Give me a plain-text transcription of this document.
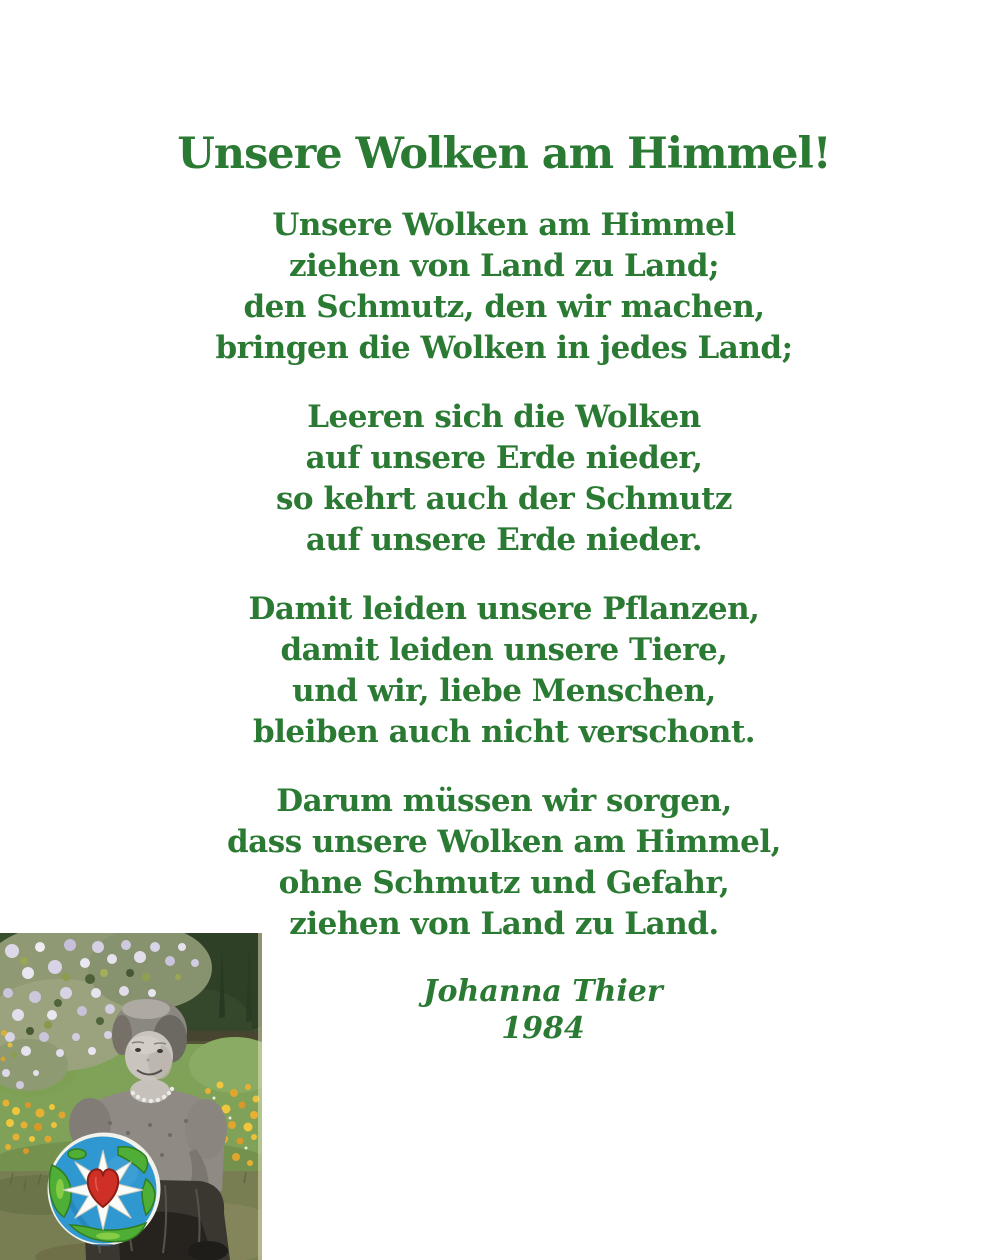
Unsere Wolken am Himmel!
Unsere Wolken am Himmel
ziehen von Land zu Land;
den Schmutz, den wir machen,
bringen die Wolken in jedes Land;
Leeren sich die Wolken
auf unsere Erde nieder,
so kehrt auch der Schmutz
auf unsere Erde nieder.
Damit leiden unsere Pflanzen,
damit leiden unsere Tiere,
und wir, liebe Menschen,
bleiben auch nicht verschont.
Darum müssen wir sorgen,
dass unsere Wolken am Himmel,
ohne Schmutz und Gefahr,
ziehen von Land zu Land.
Johanna Thier
1984
